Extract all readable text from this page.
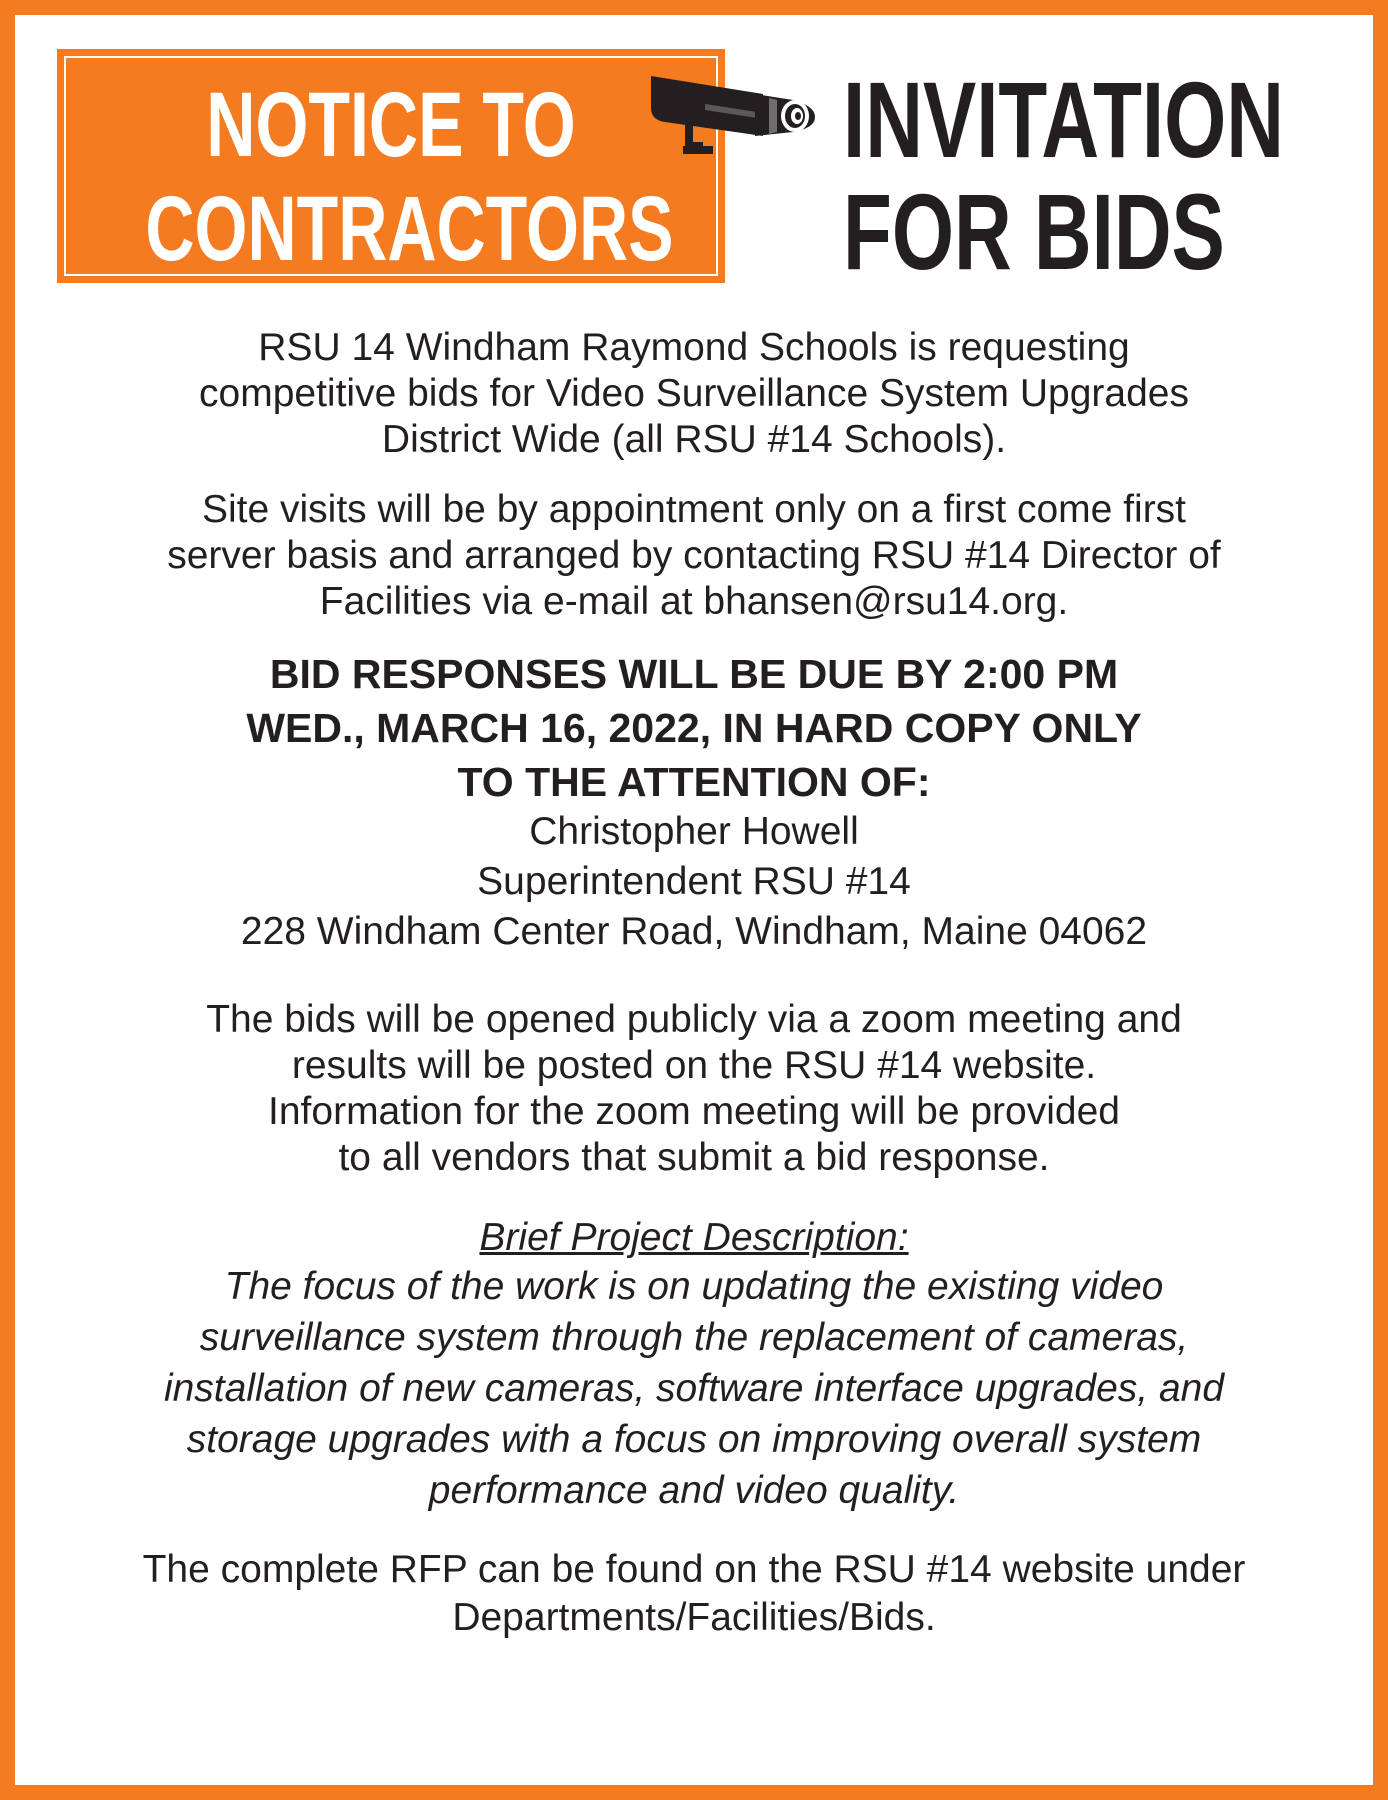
NOTICE TO
CONTRACTORS
INVITATION
FOR BIDS
RSU 14 Windham Raymond Schools is requesting
competitive bids for Video Surveillance System Upgrades
District Wide (all RSU #14 Schools).
Site visits will be by appointment only on a first come first
server basis and arranged by contacting RSU #14 Director of
Facilities via e-mail at bhansen@rsu14.org.
BID RESPONSES WILL BE DUE BY 2:00 PM
WED., MARCH 16, 2022, IN HARD COPY ONLY
TO THE ATTENTION OF:
Christopher Howell
Superintendent RSU #14
228 Windham Center Road, Windham, Maine 04062
The bids will be opened publicly via a zoom meeting and
results will be posted on the RSU #14 website.
Information for the zoom meeting will be provided
to all vendors that submit a bid response.
Brief Project Description:
The focus of the work is on updating the existing video
surveillance system through the replacement of cameras,
installation of new cameras, software interface upgrades, and
storage upgrades with a focus on improving overall system
performance and video quality.
The complete RFP can be found on the RSU #14 website under
Departments/Facilities/Bids.
